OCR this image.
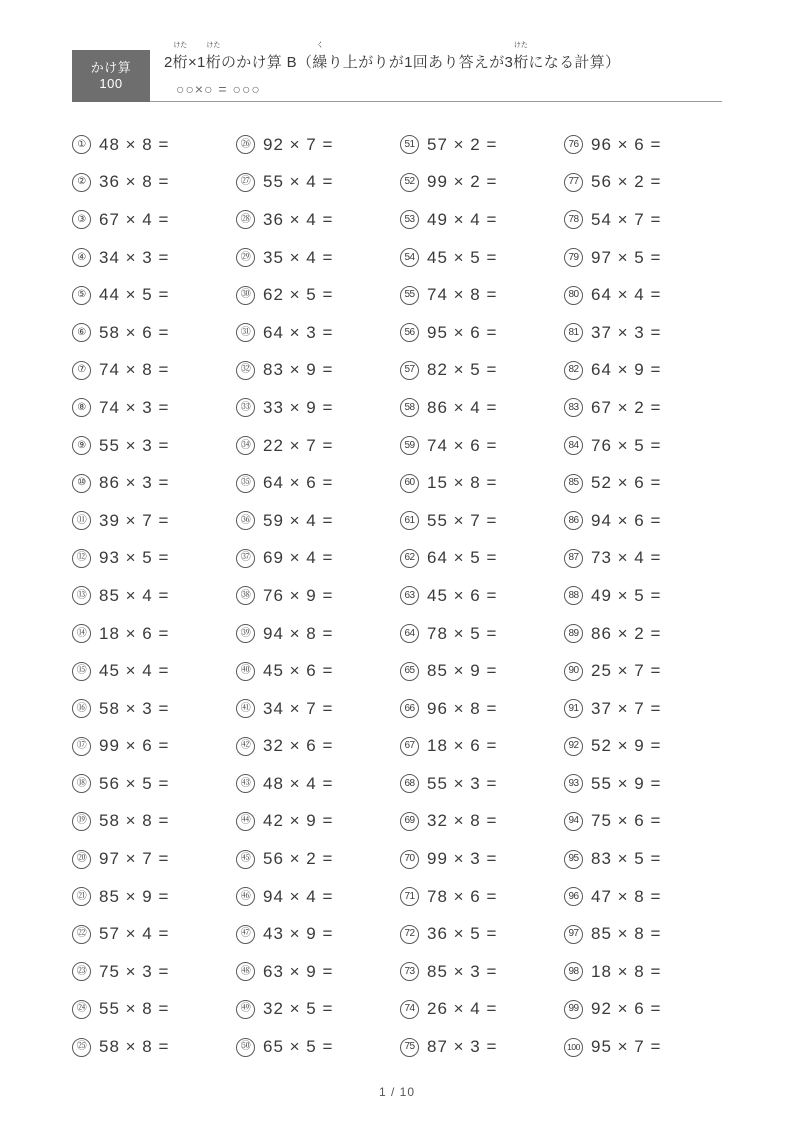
かけ算
100
2
けた
桁×1
けた
桁のかけ算 B（
く
繰り上がりが1回あり答えが3
けた
桁になる計算）
○○×○ = ○○○
① 48 × 8 =
② 36 × 8 =
③ 67 × 4 =
④ 34 × 3 =
⑤ 44 × 5 =
⑥ 58 × 6 =
⑦ 74 × 8 =
⑧ 74 × 3 =
⑨ 55 × 3 =
⑩ 86 × 3 =
⑪ 39 × 7 =
⑫ 93 × 5 =
⑬ 85 × 4 =
⑭ 18 × 6 =
⑮ 45 × 4 =
⑯ 58 × 3 =
⑰ 99 × 6 =
⑱ 56 × 5 =
⑲ 58 × 8 =
⑳ 97 × 7 =
㉑ 85 × 9 =
㉒ 57 × 4 =
㉓ 75 × 3 =
㉔ 55 × 8 =
㉕ 58 × 8 =
㉖ 92 × 7 =
㉗ 55 × 4 =
㉘ 36 × 4 =
㉙ 35 × 4 =
㉚ 62 × 5 =
㉛ 64 × 3 =
㉜ 83 × 9 =
㉝ 33 × 9 =
㉞ 22 × 7 =
㉟ 64 × 6 =
㊱ 59 × 4 =
㊲ 69 × 4 =
㊳ 76 × 9 =
㊴ 94 × 8 =
㊵ 45 × 6 =
㊶ 34 × 7 =
㊷ 32 × 6 =
㊸ 48 × 4 =
㊹ 42 × 9 =
㊺ 56 × 2 =
㊻ 94 × 4 =
㊼ 43 × 9 =
㊽ 63 × 9 =
㊾ 32 × 5 =
㊿ 65 × 5 =
51 57 × 2 =
52 99 × 2 =
53 49 × 4 =
54 45 × 5 =
55 74 × 8 =
56 95 × 6 =
57 82 × 5 =
58 86 × 4 =
59 74 × 6 =
60 15 × 8 =
61 55 × 7 =
62 64 × 5 =
63 45 × 6 =
64 78 × 5 =
65 85 × 9 =
66 96 × 8 =
67 18 × 6 =
68 55 × 3 =
69 32 × 8 =
70 99 × 3 =
71 78 × 6 =
72 36 × 5 =
73 85 × 3 =
74 26 × 4 =
75 87 × 3 =
76 96 × 6 =
77 56 × 2 =
78 54 × 7 =
79 97 × 5 =
80 64 × 4 =
81 37 × 3 =
82 64 × 9 =
83 67 × 2 =
84 76 × 5 =
85 52 × 6 =
86 94 × 6 =
87 73 × 4 =
88 49 × 5 =
89 86 × 2 =
90 25 × 7 =
91 37 × 7 =
92 52 × 9 =
93 55 × 9 =
94 75 × 6 =
95 83 × 5 =
96 47 × 8 =
97 85 × 8 =
98 18 × 8 =
99 92 × 6 =
100 95 × 7 =
1 / 10
